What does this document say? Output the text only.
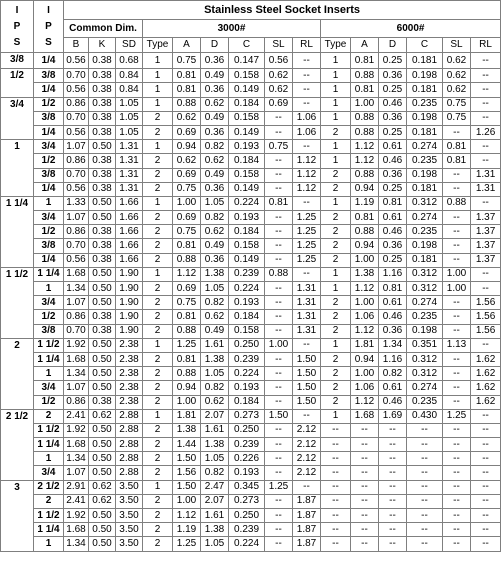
I
P
S	I
P
S	Stainless Steel Socket Inserts														
		Common Dim.			3000#						6000#					
		B	K	SD	Type	A	D	C	SL	RL	Type	A	D	C	SL	RL
3/8	1/4	0.56	0.38	0.68	1	0.75	0.36	0.147	0.56	--	1	0.81	0.25	0.181	0.62	--
1/2	3/8	0.70	0.38	0.84	1	0.81	0.49	0.158	0.62	--	1	0.88	0.36	0.198	0.62	--
	1/4	0.56	0.38	0.84	1	0.81	0.36	0.149	0.62	--	1	0.81	0.25	0.181	0.62	--
3/4	1/2	0.86	0.38	1.05	1	0.88	0.62	0.184	0.69	--	1	1.00	0.46	0.235	0.75	--
	3/8	0.70	0.38	1.05	2	0.62	0.49	0.158	--	1.06	1	0.88	0.36	0.198	0.75	--
	1/4	0.56	0.38	1.05	2	0.69	0.36	0.149	--	1.06	2	0.88	0.25	0.181	--	1.26
1	3/4	1.07	0.50	1.31	1	0.94	0.82	0.193	0.75	--	1	1.12	0.61	0.274	0.81	--
	1/2	0.86	0.38	1.31	2	0.62	0.62	0.184	--	1.12	1	1.12	0.46	0.235	0.81	--
	3/8	0.70	0.38	1.31	2	0.69	0.49	0.158	--	1.12	2	0.88	0.36	0.198	--	1.31
	1/4	0.56	0.38	1.31	2	0.75	0.36	0.149	--	1.12	2	0.94	0.25	0.181	--	1.31
1 1/4	1	1.33	0.50	1.66	1	1.00	1.05	0.224	0.81	--	1	1.19	0.81	0.312	0.88	--
	3/4	1.07	0.50	1.66	2	0.69	0.82	0.193	--	1.25	2	0.81	0.61	0.274	--	1.37
	1/2	0.86	0.38	1.66	2	0.75	0.62	0.184	--	1.25	2	0.88	0.46	0.235	--	1.37
	3/8	0.70	0.38	1.66	2	0.81	0.49	0.158	--	1.25	2	0.94	0.36	0.198	--	1.37
	1/4	0.56	0.38	1.66	2	0.88	0.36	0.149	--	1.25	2	1.00	0.25	0.181	--	1.37
1 1/2	1 1/4	1.68	0.50	1.90	1	1.12	1.38	0.239	0.88	--	1	1.38	1.16	0.312	1.00	--
	1	1.34	0.50	1.90	2	0.69	1.05	0.224	--	1.31	1	1.12	0.81	0.312	1.00	--
	3/4	1.07	0.50	1.90	2	0.75	0.82	0.193	--	1.31	2	1.00	0.61	0.274	--	1.56
	1/2	0.86	0.38	1.90	2	0.81	0.62	0.184	--	1.31	2	1.06	0.46	0.235	--	1.56
	3/8	0.70	0.38	1.90	2	0.88	0.49	0.158	--	1.31	2	1.12	0.36	0.198	--	1.56
2	1 1/2	1.92	0.50	2.38	1	1.25	1.61	0.250	1.00	--	1	1.81	1.34	0.351	1.13	--
	1 1/4	1.68	0.50	2.38	2	0.81	1.38	0.239	--	1.50	2	0.94	1.16	0.312	--	1.62
	1	1.34	0.50	2.38	2	0.88	1.05	0.224	--	1.50	2	1.00	0.82	0.312	--	1.62
	3/4	1.07	0.50	2.38	2	0.94	0.82	0.193	--	1.50	2	1.06	0.61	0.274	--	1.62
	1/2	0.86	0.38	2.38	2	1.00	0.62	0.184	--	1.50	2	1.12	0.46	0.235	--	1.62
2 1/2	2	2.41	0.62	2.88	1	1.81	2.07	0.273	1.50	--	1	1.68	1.69	0.430	1.25	--
	1 1/2	1.92	0.50	2.88	2	1.38	1.61	0.250	--	2.12	--	--	--	--	--	--
	1 1/4	1.68	0.50	2.88	2	1.44	1.38	0.239	--	2.12	--	--	--	--	--	--
	1	1.34	0.50	2.88	2	1.50	1.05	0.226	--	2.12	--	--	--	--	--	--
	3/4	1.07	0.50	2.88	2	1.56	0.82	0.193	--	2.12	--	--	--	--	--	--
3	2 1/2	2.91	0.62	3.50	1	1.50	2.47	0.345	1.25	--	--	--	--	--	--	--
	2	2.41	0.62	3.50	2	1.00	2.07	0.273	--	1.87	--	--	--	--	--	--
	1 1/2	1.92	0.50	3.50	2	1.12	1.61	0.250	--	1.87	--	--	--	--	--	--
	1 1/4	1.68	0.50	3.50	2	1.19	1.38	0.239	--	1.87	--	--	--	--	--	--
	1	1.34	0.50	3.50	2	1.25	1.05	0.224	--	1.87	--	--	--	--	--	--
